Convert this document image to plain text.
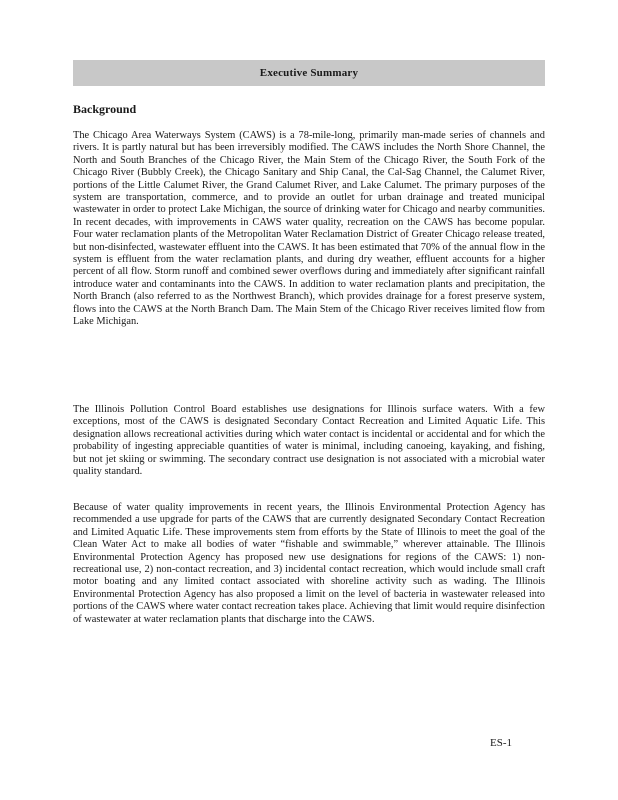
Executive Summary
Background

The Chicago Area Waterways System (CAWS) is a 78-mile-long, primarily man-made series of channels and rivers. It is partly natural but has been irreversibly modified. The CAWS includes the North Shore Channel, the North and South Branches of the Chicago River, the Main Stem of the Chicago River, the South Fork of the Chicago River (Bubbly Creek), the Chicago Sanitary and Ship Canal, the Cal-Sag Channel, the Calumet River, portions of the Little Calumet River, the Grand Calumet River, and Lake Calumet. The primary purposes of the system are transportation, commerce, and to provide an outlet for urban drainage and treated municipal wastewater in order to protect Lake Michigan, the source of drinking water for Chicago and nearby communities. In recent decades, with improvements in CAWS water quality, recreation on the CAWS has become popular. Four water reclamation plants of the Metropolitan Water Reclamation District of Greater Chicago release treated, but non-disinfected, wastewater effluent into the CAWS. It has been estimated that 70% of the annual flow in the system is effluent from the water reclamation plants, and during dry weather, effluent accounts for a higher percent of all flow. Storm runoff and combined sewer overflows during and immediately after significant rainfall introduce water and contaminants into the CAWS. In addition to water reclamation plants and precipitation, the North Branch (also referred to as the Northwest Branch), which provides drainage for a forest preserve system, flows into the CAWS at the North Branch Dam. The Main Stem of the Chicago River receives limited flow from Lake Michigan.

The Illinois Pollution Control Board establishes use designations for Illinois surface waters. With a few exceptions, most of the CAWS is designated Secondary Contact Recreation and Limited Aquatic Life. This designation allows recreational activities during which water contact is incidental or accidental and for which the probability of ingesting appreciable quantities of water is minimal, including canoeing, kayaking, and fishing, but not jet skiing or swimming. The secondary contract use designation is not associated with a microbial water quality standard.

Because of water quality improvements in recent years, the Illinois Environmental Protection Agency has recommended a use upgrade for parts of the CAWS that are currently designated Secondary Contact Recreation and Limited Aquatic Life. These improvements stem from efforts by the State of Illinois to meet the goal of the Clean Water Act to make all bodies of water “fishable and swimmable,” wherever attainable. The Illinois Environmental Protection Agency has proposed new use designations for regions of the CAWS: 1) non-recreational use, 2) non-contact recreation, and 3) incidental contact recreation, which would include small craft motor boating and any limited contact associated with shoreline activity such as wading. The Illinois Environmental Protection Agency has also proposed a limit on the level of bacteria in wastewater released into portions of the CAWS where water contact recreation takes place. Achieving that limit would require disinfection of wastewater at water reclamation plants that discharge into the CAWS.

ES-1
